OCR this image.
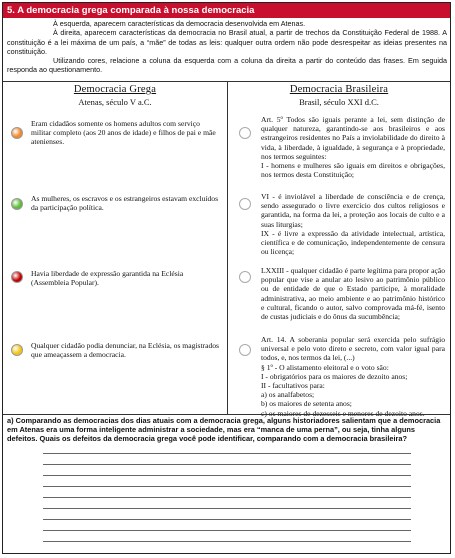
5. A democracia grega comparada à nossa democracia

À esquerda, aparecem características da democracia desenvolvida em Atenas.

À direita, aparecem características da democracia no Brasil atual, a partir de trechos da Constituição Federal de 1988. A constituição é a lei máxima de um país, a “mãe” de todas as leis: qualquer outra ordem não pode desrespeitar as ideias presentes na constituição.

Utilizando cores, relacione a coluna da esquerda com a coluna da direita a partir do conteúdo das frases. Em seguida responda ao questionamento.

Democracia Grega
Atenas, século V a.C.
Democracia Brasileira
Brasil, século XXI d.C.
Eram cidadãos somente os homens adultos com serviço militar completo (aos 20 anos de idade) e filhos de pai e mãe atenienses.
As mulheres, os escravos e os estrangeiros estavam excluídos da participação política.
Havia liberdade de expressão garantida na Eclésia (Assembleia Popular).
Qualquer cidadão podia denunciar, na Eclésia, os magistrados que ameaçassem a democracia.

Art. 5º Todos são iguais perante a lei, sem distinção de qualquer natureza, garantindo-se aos brasileiros e aos estrangeiros residentes no País a inviolabilidade do direito à vida, à liberdade, à igualdade, à segurança e à propriedade, nos termos seguintes:

I - homens e mulheres são iguais em direitos e obrigações, nos termos desta Constituição;

VI - é inviolável a liberdade de consciência e de crença, sendo assegurado o livre exercício dos cultos religiosos e garantida, na forma da lei, a proteção aos locais de culto e a suas liturgias;

IX - é livre a expressão da atividade intelectual, artística, científica e de comunicação, independentemente de censura ou licença;

LXXIII - qualquer cidadão é parte legítima para propor ação popular que vise a anular ato lesivo ao patrimônio público ou de entidade de que o Estado participe, à moralidade administrativa, ao meio ambiente e ao patrimônio histórico e cultural, ficando o autor, salvo comprovada má-fé, isento de custas judiciais e do ônus da sucumbência;

Art. 14. A soberania popular será exercida pelo sufrágio universal e pelo voto direto e secreto, com valor igual para todos, e, nos termos da lei, (...)

§ 1º - O alistamento eleitoral e o voto são:

I - obrigatórios para os maiores de dezoito anos;

II - facultativos para:

a) os analfabetos;

b) os maiores de setenta anos;

c) os maiores de dezesseis e menores de dezoito anos.

a) Comparando as democracias dos dias atuais com a democracia grega, alguns historiadores salientam que a democracia em Atenas era uma forma inteligente administrar a sociedade, mas era “manca de uma perna”, ou seja, tinha alguns defeitos. Quais os defeitos da democracia grega você pode identificar, comparando com a democracia brasileira?
